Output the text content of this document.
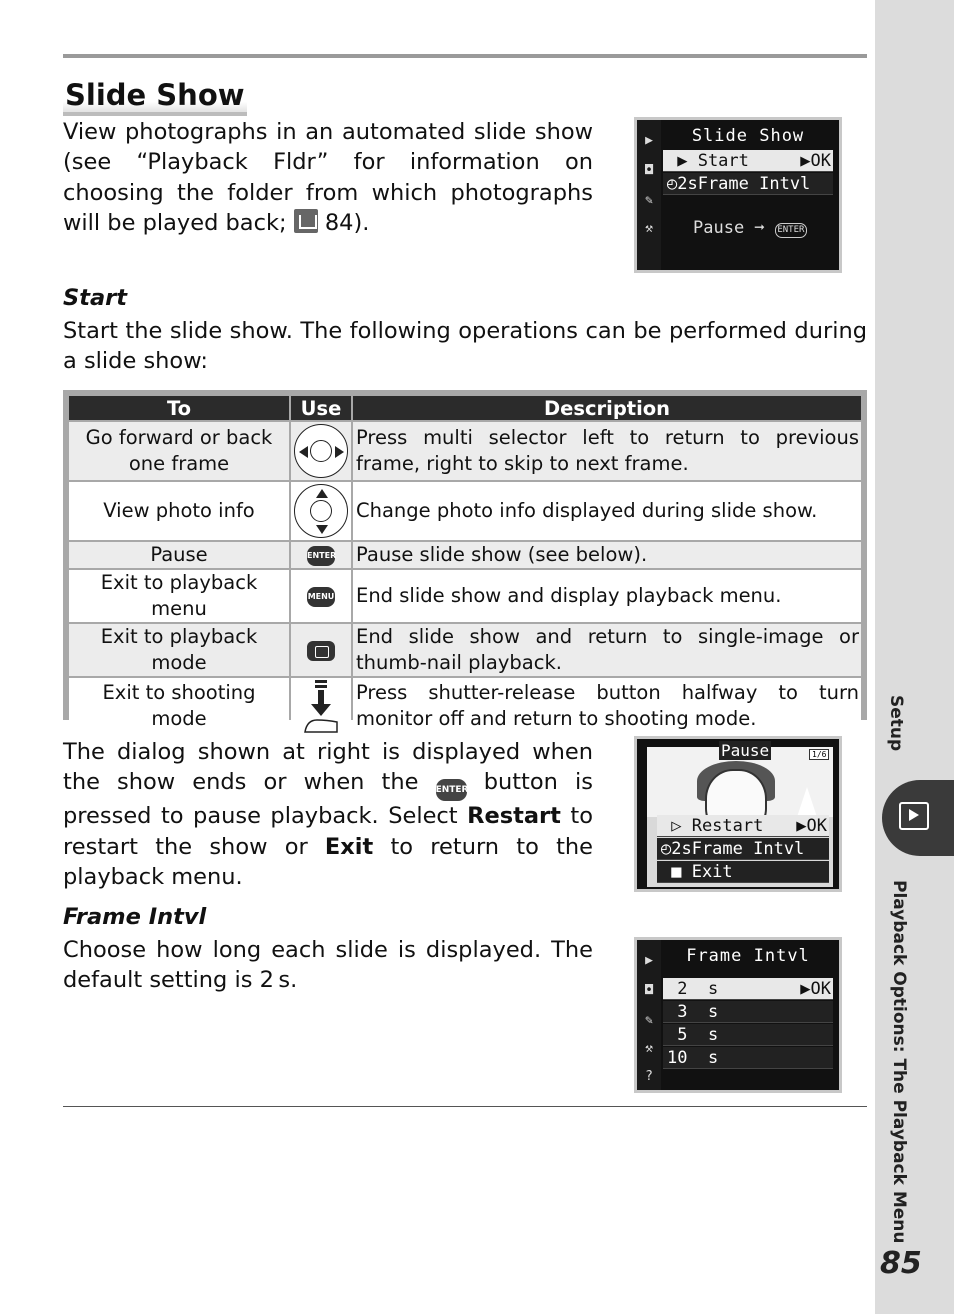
Slide Show

View photographs in an automated slide show (see “Playback Fldr” for information on choosing the folder from which photographs will be played back;  84).

▶
◘
✎
⚒
Slide Show
▶ Start	▶OK
◴2sFrame Intvl
Pause ➞ ENTER
Start

Start the slide show. The following operations can be performed during a slide show:

To	Use	Description
Go forward or back one frame		Press multi selector left to return to previous frame, right to skip to next frame.
View photo info		Change photo info displayed during slide show.
Pause	ENTER	Pause slide show (see below).
Exit to playback menu	MENU	End slide show and display playback menu.
Exit to playback mode		End slide show and return to single-image or thumb-nail playback.
Exit to shooting mode		Press shutter-release button halfway to turn monitor off and return to shooting mode.

The dialog shown at right is displayed when the show ends or when the ENTER button is pressed to pause playback. Select Restart to restart the show or Exit to return to the playback menu.

Pause	1/6
▷ Restart ▶OK
◴2sFrame Intvl
■ Exit
Frame Intvl

Choose how long each slide is displayed. The default setting is 2 s.

▶
◘
✎
⚒
?
Frame Intvl
2  s	▶OK
3  s
5  s
10  s
Setup
Playback Options: The Playback Menu
85
